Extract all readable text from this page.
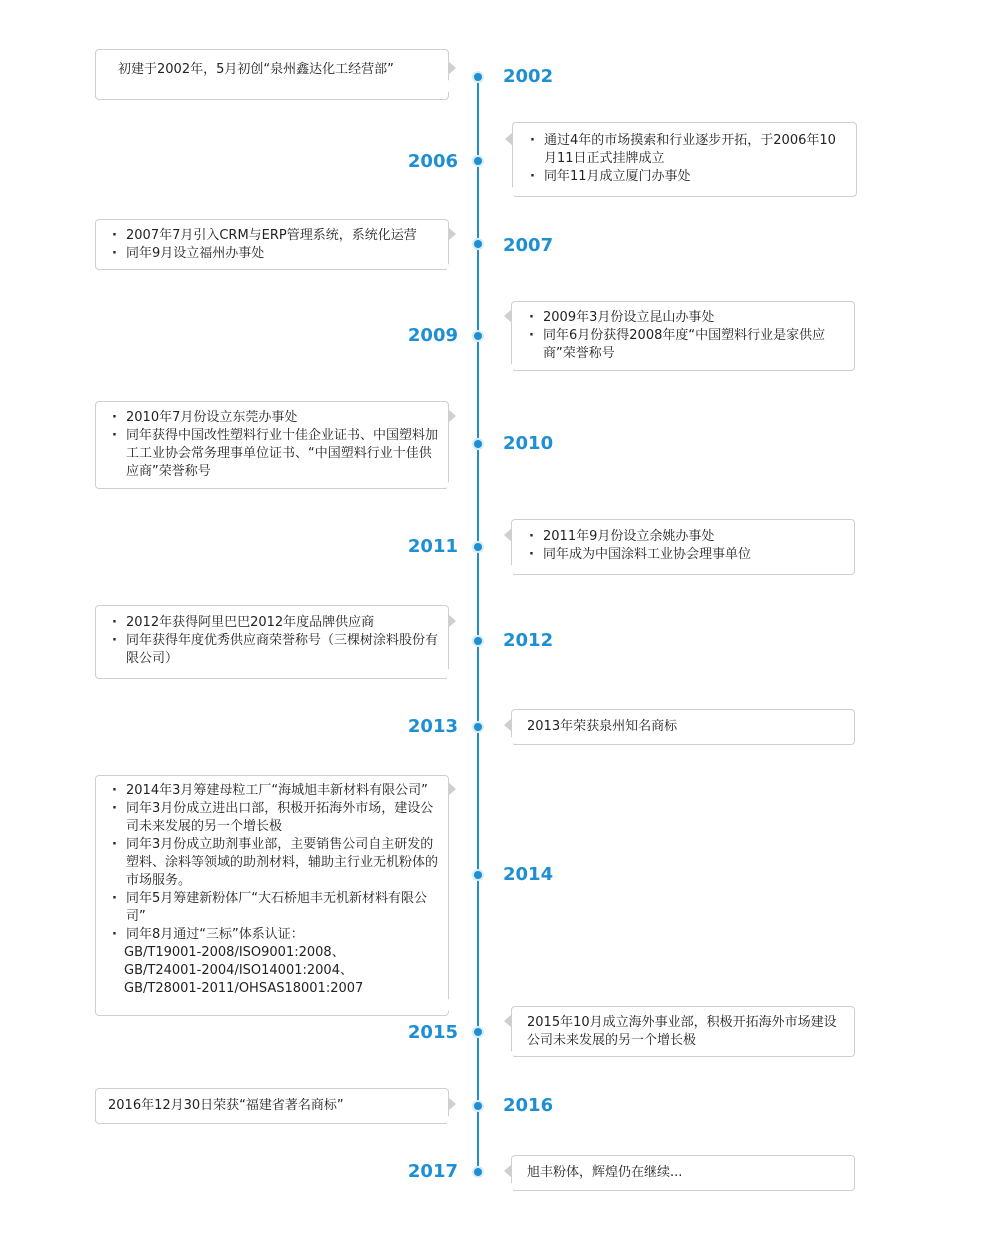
2002

初建于2002年，5月初创“泉州鑫达化工经营部”

2006
· 通过4年的市场摸索和行业逐步开拓，于2006年10月11日正式挂牌成立
· 同年11月成立厦门办事处
2007
· 2007年7月引入CRM与ERP管理系统，系统化运营
· 同年9月设立福州办事处
2009
· 2009年3月份设立昆山办事处
· 同年6月份获得2008年度“中国塑料行业是家供应商”荣誉称号
2010
· 2010年7月份设立东莞办事处
· 同年获得中国改性塑料行业十佳企业证书、中国塑料加工工业协会常务理事单位证书、“中国塑料行业十佳供应商”荣誉称号
2011
·	2011年9月份设立余姚办事处
· 同年成为中国涂料工业协会理事单位
2012
· 2012年获得阿里巴巴2012年度品牌供应商
· 同年获得年度优秀供应商荣誉称号（三棵树涂料股份有限公司）
2013	2013年荣获泉州知名商标

2014
· 2014年3月筹建母粒工厂“海城旭丰新材料有限公司”
· 同年3月份成立进出口部，积极开拓海外市场，建设公司未来发展的另一个增长极
· 同年3月份成立助剂事业部，主要销售公司自主研发的塑料、涂料等领域的助剂材料，辅助主行业无机粉体的市场服务。
· 同年5月筹建新粉体厂“大石桥旭丰无机新材料有限公司”
· 同年8月通过“三标”体系认证：
GB/T19001-2008/ISO9001:2008、
GB/T24001-2004/ISO14001:2004、
GB/T28001-2011/OHSAS18001:2007
2015	2015年10月成立海外事业部，积极开拓海外市场建设公司未来发展的另一个增长极

2016

2016年12月30日荣获“福建省著名商标”

2017	旭丰粉体，辉煌仍在继续...
